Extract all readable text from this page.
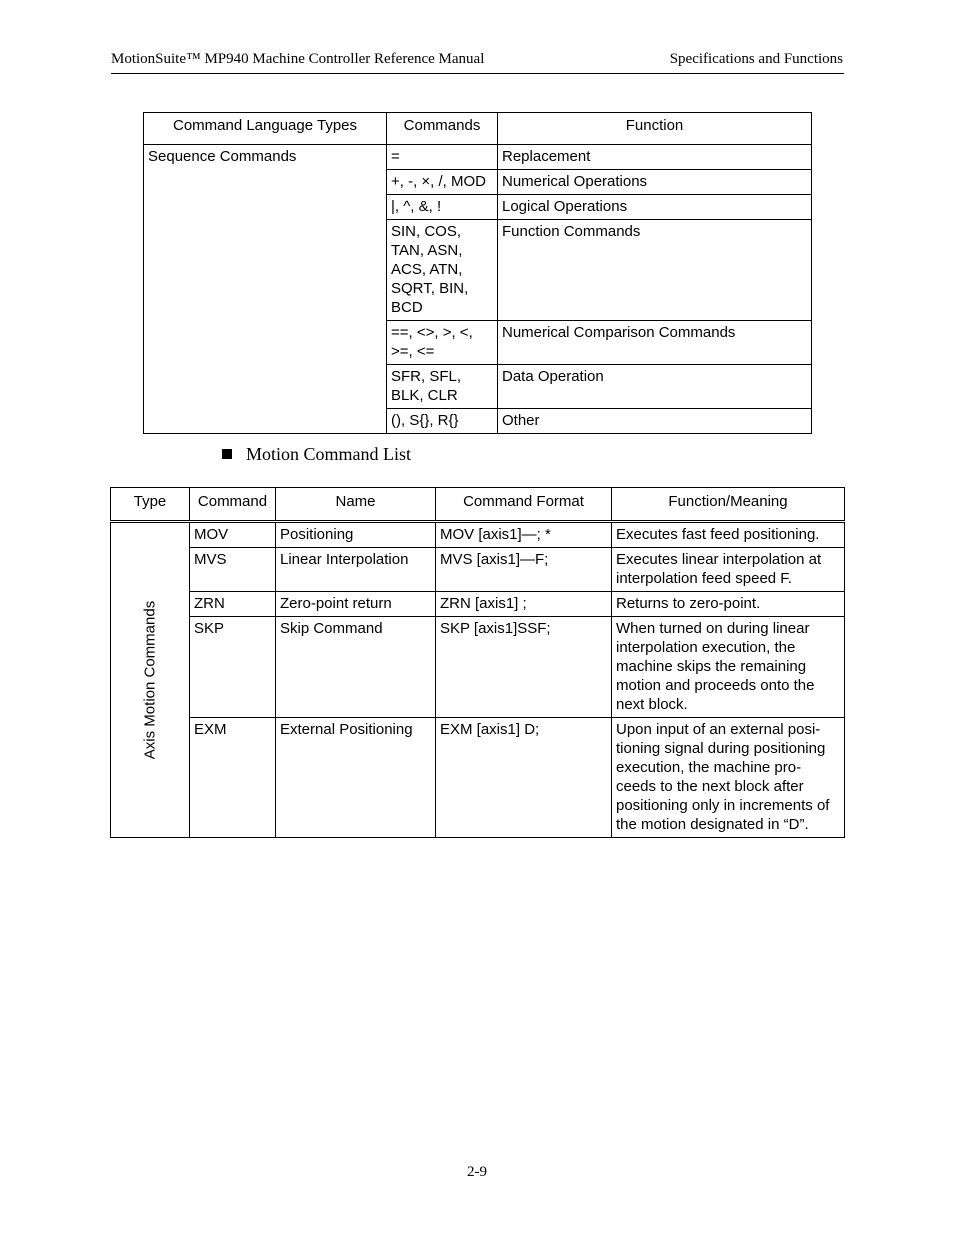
MotionSuite™ MP940 Machine Controller Reference Manual	Specifications and Functions
Command Language Types	Commands	Function
Sequence Commands	=	Replacement
	+, -, ×, /, MOD	Numerical Operations
	|, ^, &, !	Logical Operations
	SIN, COS, TAN, ASN, ACS, ATN, SQRT, BIN, BCD	Function Commands
	==, <>, >, <, >=, <=	Numerical Comparison Commands
	SFR, SFL, BLK, CLR	Data Operation
	(), S{}, R{}	Other
Motion Command List
Type	Command	Name	Command Format	Function/Meaning

Axis Motion Commands	MOV	Positioning	MOV [axis1]—; *	Executes fast feed positioning.
	MVS	Linear Interpolation	MVS [axis1]—F;	Executes linear interpolation at interpolation feed speed F.
	ZRN	Zero-point return	ZRN [axis1] ;	Returns to zero-point.
	SKP	Skip Command	SKP [axis1]SSF;	When turned on during linear interpolation execution, the machine skips the remaining motion and proceeds onto the next block.
	EXM	External Positioning	EXM [axis1] D;	Upon input of an external posi-tioning signal during positioning execution, the machine pro-ceeds to the next block after positioning only in increments of the motion designated in “D”.
2-9
